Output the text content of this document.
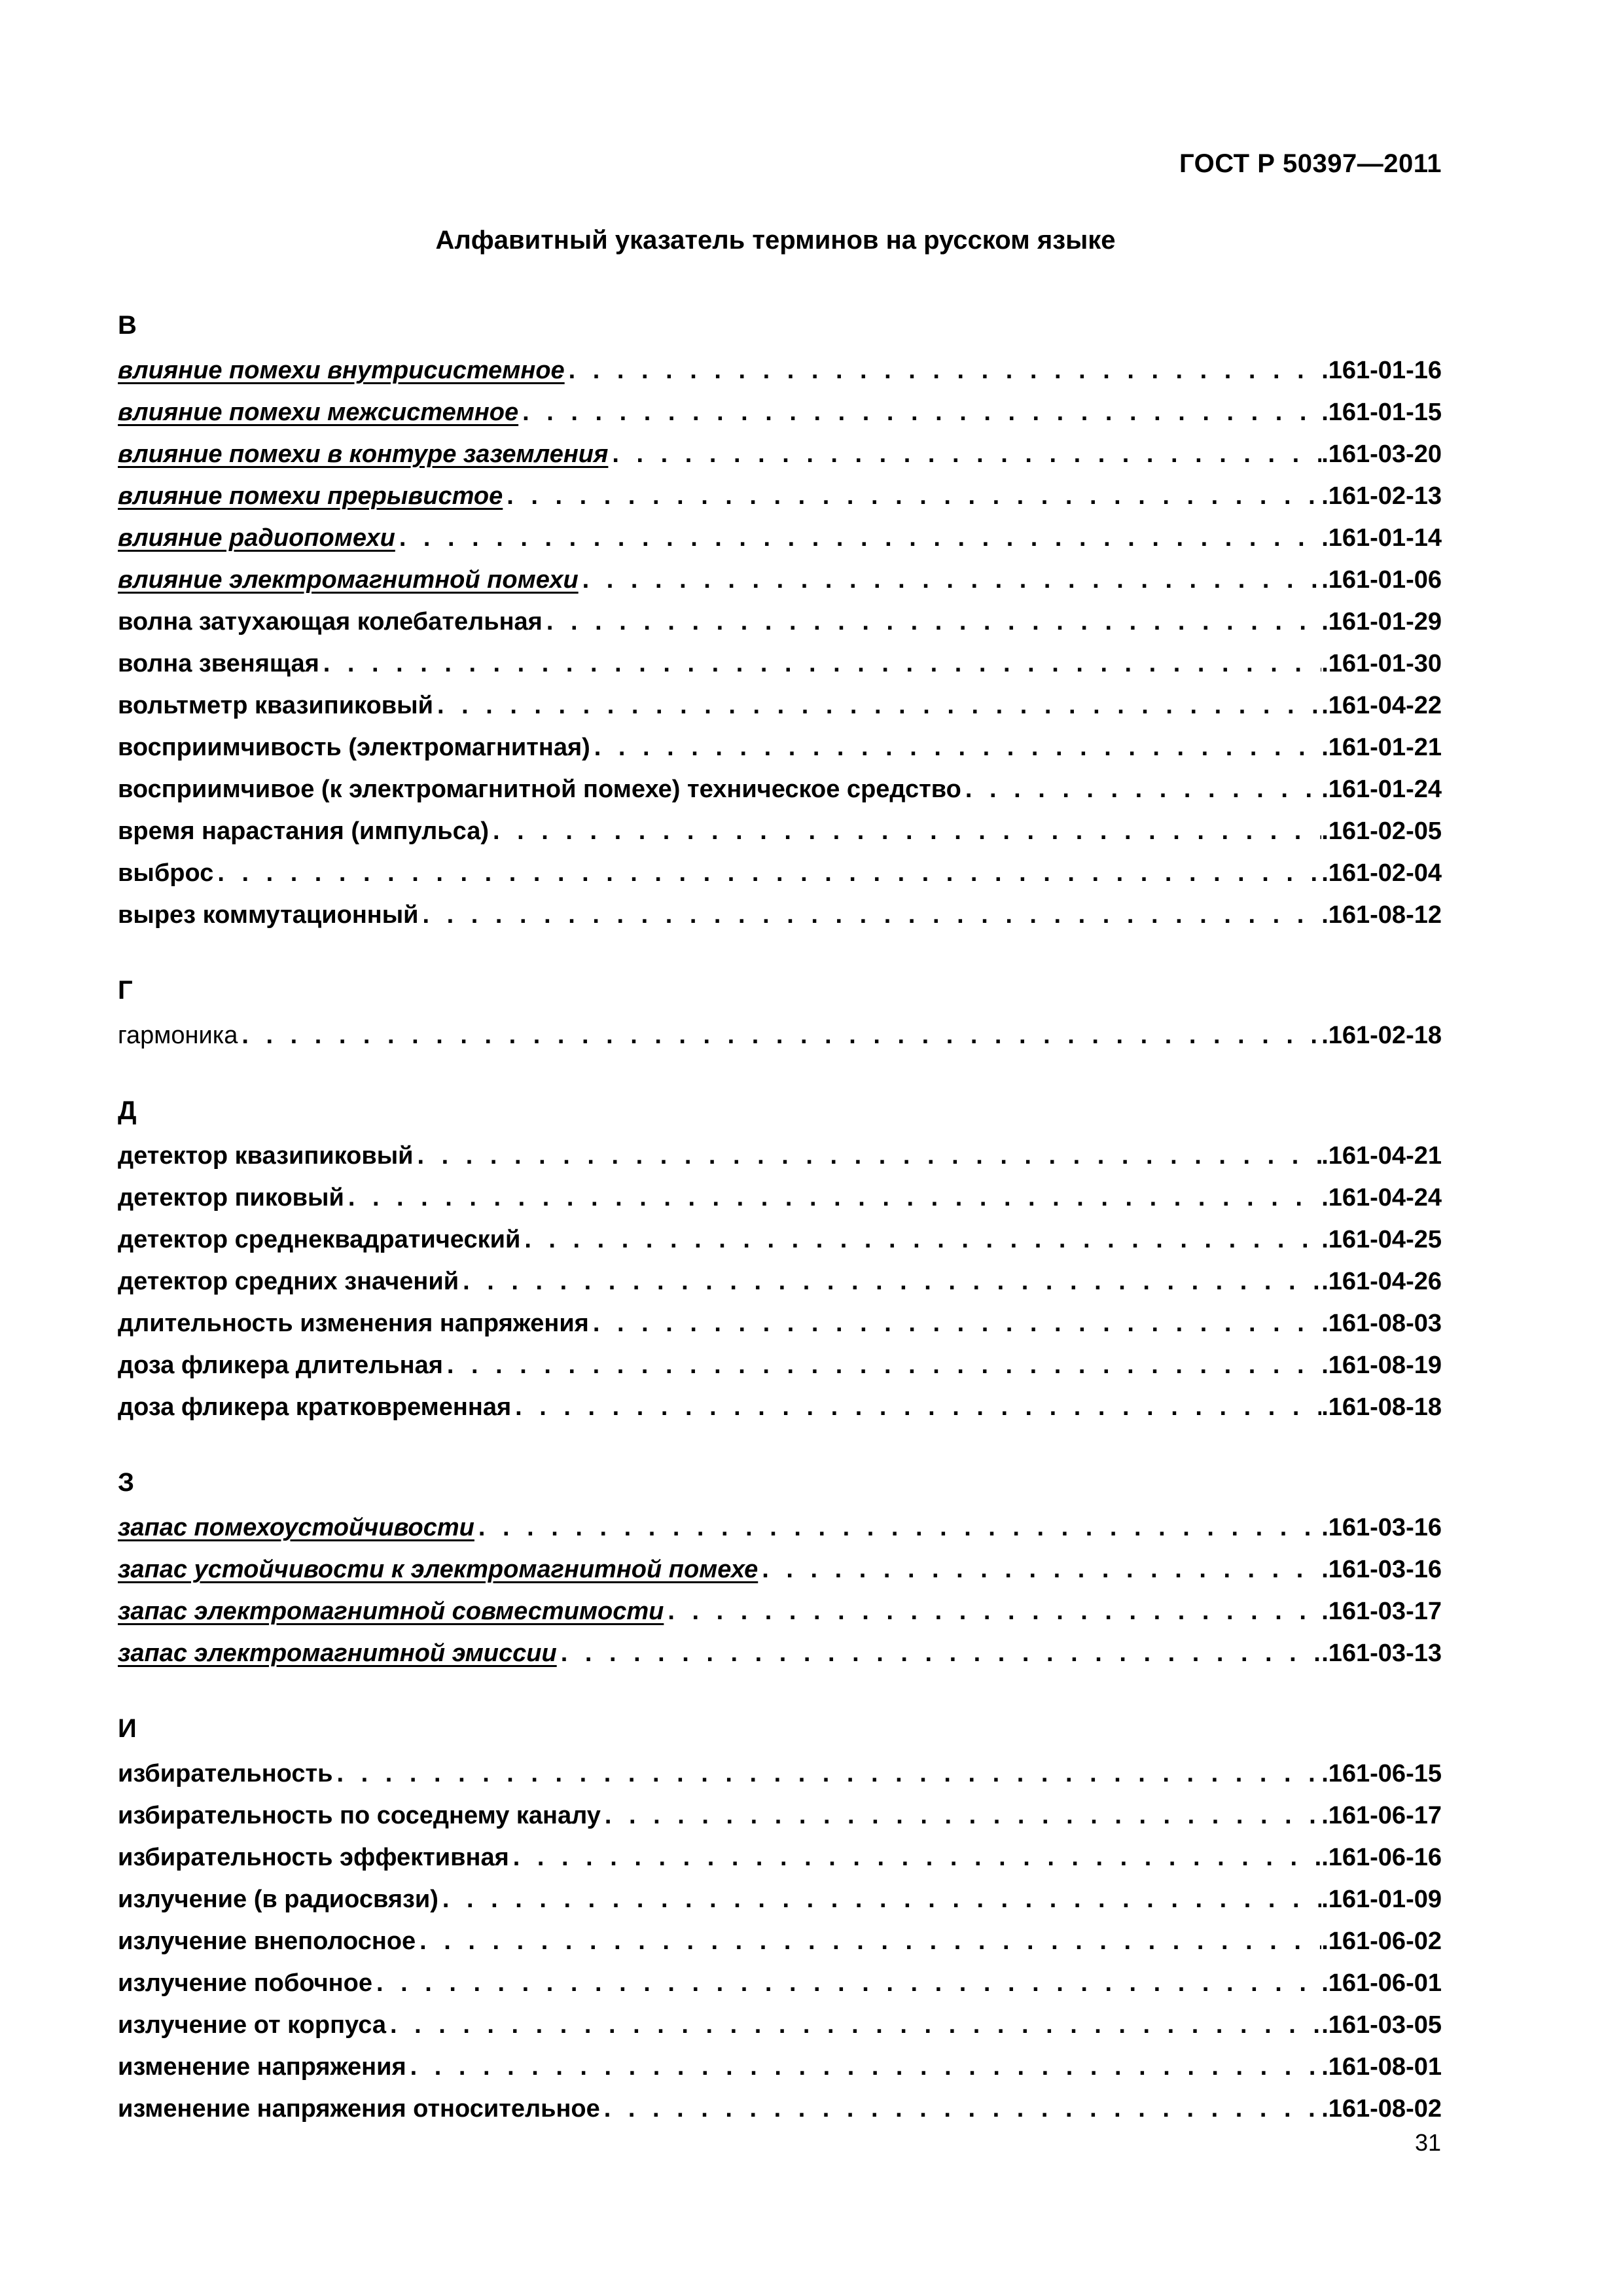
ГОСТ Р 50397—2011
Алфавитный указатель терминов на русском языке
В
влияние помехи внутрисистемное . . .	.161-01-16
влияние помехи межсистемное . . .	.161-01-15
влияние помехи в контуре заземления . . .	.161-03-20
влияние помехи прерывистое . . .	.161-02-13
влияние радиопомехи . . .	.161-01-14
влияние электромагнитной помехи . . .	.161-01-06
волна затухающая колебательная . . .	.161-01-29
волна звенящая . . .	.161-01-30
вольтметр квазипиковый . . .	.161-04-22
восприимчивость (электромагнитная) . . .	.161-01-21
восприимчивое (к электромагнитной помехе) техническое средство . . .	.161-01-24
время нарастания (импульса) . . .	.161-02-05
выброс . . .	.161-02-04
вырез коммутационный . . .	.161-08-12
Г
гармоника . . .	.161-02-18
Д
детектор квазипиковый . . .	.161-04-21
детектор пиковый . . .	.161-04-24
детектор среднеквадратический . . .	.161-04-25
детектор средних значений . . .	.161-04-26
длительность изменения напряжения . . .	.161-08-03
доза фликера длительная . . .	.161-08-19
доза фликера кратковременная . . .	.161-08-18
З
запас помехоустойчивости . . .	.161-03-16
запас устойчивости к электромагнитной помехе . . .	.161-03-16
запас электромагнитной совместимости . . .	.161-03-17
запас электромагнитной эмиссии . . .	.161-03-13
И
избирательность . . .	.161-06-15
избирательность по соседнему каналу . . .	.161-06-17
избирательность эффективная . . .	.161-06-16
излучение (в радиосвязи) . . .	.161-01-09
излучение внеполосное . . .	.161-06-02
излучение побочное . . .	.161-06-01
излучение от корпуса . . .	.161-03-05
изменение напряжения . . .	.161-08-01
изменение напряжения относительное . . .	.161-08-02
31
